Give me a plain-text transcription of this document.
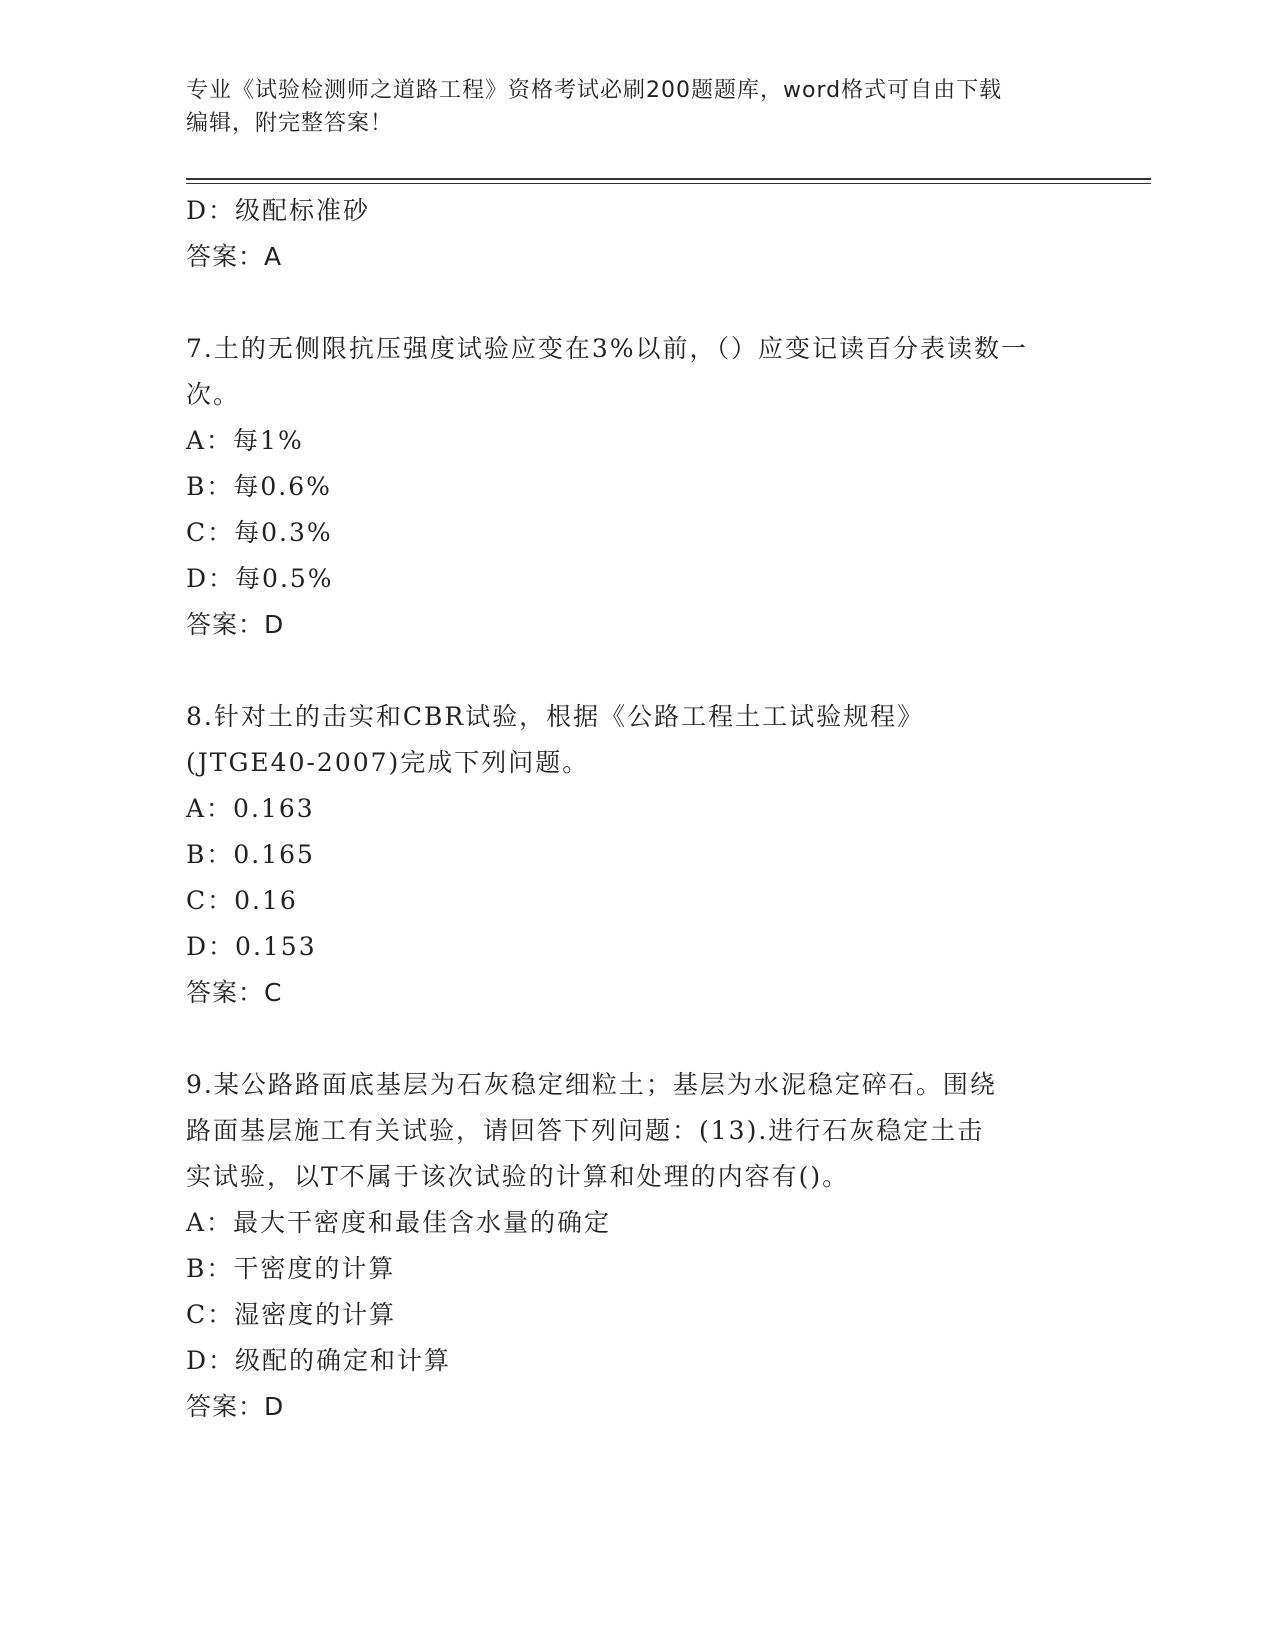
专业《试验检测师之道路工程》资格考试必刷200题题库，word格式可自由下载
编辑，附完整答案！
D：级配标准砂
答案：A
7.土的无侧限抗压强度试验应变在3%以前，（）应变记读百分表读数一
次。
A：每1%
B：每0.6%
C：每0.3%
D：每0.5%
答案：D
8.针对土的击实和CBR试验，根据《公路工程土工试验规程》
(JTGE40-2007)完成下列问题。
A：0.163
B：0.165
C：0.16
D：0.153
答案：C
9.某公路路面底基层为石灰稳定细粒土；基层为水泥稳定碎石。围绕
路面基层施工有关试验，请回答下列问题：(13).进行石灰稳定土击
实试验，以T不属于该次试验的计算和处理的内容有()。
A：最大干密度和最佳含水量的确定
B：干密度的计算
C：湿密度的计算
D：级配的确定和计算
答案：D
